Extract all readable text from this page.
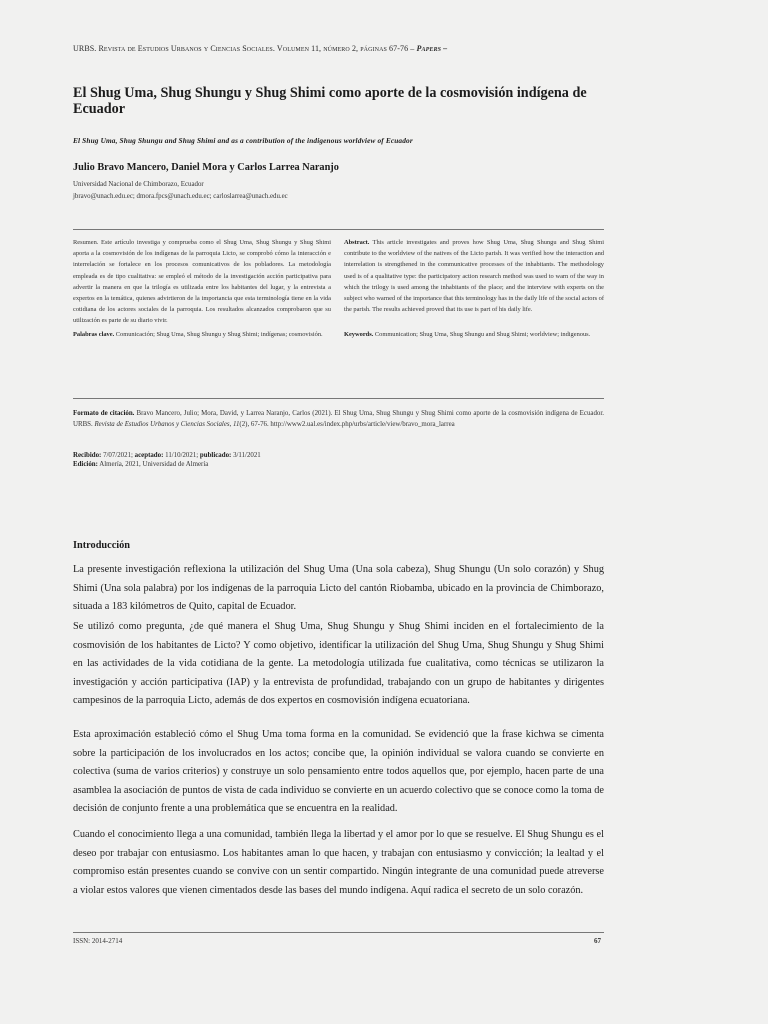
URBS. Revista de Estudios Urbanos y Ciencias Sociales. Volumen 11, número 2, páginas 67-76 – Papers –
El Shug Uma, Shug Shungu y Shug Shimi como aporte de la cosmovisión indígena de Ecuador
El Shug Uma, Shug Shungu and Shug Shimi and as a contribution of the indigenous worldview of Ecuador
Julio Bravo Mancero, Daniel Mora y Carlos Larrea Naranjo
Universidad Nacional de Chimborazo, Ecuador
jbravo@unach.edu.ec; dmora.fpcs@unach.edu.ec; carloslarrea@unach.edu.ec
Resumen. Este artículo investiga y comprueba como el Shug Uma, Shug Shungu y Shug Shimi aporta a la cosmovisión de los indígenas de la parroquia Licto, se comprobó cómo la interacción e interrelación se fortalece en los procesos comunicativos de los pobladores. La metodología empleada es de tipo cualitativa: se empleó el método de la investigación acción participativa para advertir la manera en que la trilogía es utilizada entre los habitantes del lugar, y la entrevista a expertos en la temática, quienes advirtieron de la importancia que esta terminología tiene en la vida cotidiana de los actores sociales de la parroquia. Los resultados alcanzados comprobaron que su utilización es parte de su diario vivir.
Palabras clave. Comunicación; Shug Uma, Shug Shungu y Shug Shimi; indígenas; cosmovisión.
Abstract. This article investigates and proves how Shug Uma, Shug Shungu and Shug Shimi contribute to the worldview of the natives of the Licto parish. It was verified how the interaction and interrelation is strengthened in the communicative processes of the inhabitants. The methodology used is of a qualitative type: the participatory action research method was used to warn of the way in which the trilogy is used among the inhabitants of the place; and the interview with experts on the subject who warned of the importance that this terminology has in the daily life of the social actors of the parish. The results achieved proved that its use is part of his daily life.
Keywords. Communication; Shug Uma, Shug Shungu and Shug Shimi; worldview; indigenous.
Formato de citación. Bravo Mancero, Julio; Mora, David, y Larrea Naranjo, Carlos (2021). El Shug Uma, Shug Shungu y Shug Shimi como aporte de la cosmovisión indígena de Ecuador. URBS. Revista de Estudios Urbanos y Ciencias Sociales, 11(2), 67-76. http://www2.ual.es/index.php/urbs/article/view/bravo_mora_larrea
Recibido: 7/07/2021; aceptado: 11/10/2021; publicado: 3/11/2021
Edición: Almería, 2021, Universidad de Almería
Introducción
La presente investigación reflexiona la utilización del Shug Uma (Una sola cabeza), Shug Shungu (Un solo corazón) y Shug Shimi (Una sola palabra) por los indígenas de la parroquia Licto del cantón Riobamba, ubicado en la provincia de Chimborazo, situada a 183 kilómetros de Quito, capital de Ecuador.
Se utilizó como pregunta, ¿de qué manera el Shug Uma, Shug Shungu y Shug Shimi inciden en el fortalecimiento de la cosmovisión de los habitantes de Licto? Y como objetivo, identificar la utilización del Shug Uma, Shug Shungu y Shug Shimi en las actividades de la vida cotidiana de la gente. La metodología utilizada fue cualitativa, como técnicas se utilizaron la investigación y acción participativa (IAP) y la entrevista de profundidad, trabajando con un grupo de habitantes y dirigentes campesinos de la parroquia Licto, además de dos expertos en cosmovisión indígena ecuatoriana.
Esta aproximación estableció cómo el Shug Uma toma forma en la comunidad. Se evidenció que la frase kichwa se cimenta sobre la participación de los involucrados en los actos; concibe que, la opinión individual se valora cuando se convierte en colectiva (suma de varios criterios) y construye un solo pensamiento entre todos aquellos que, por ejemplo, hacen parte de una asamblea la asociación de puntos de vista de cada individuo se convierte en un acuerdo colectivo que se conoce como la toma de decisión de conjunto frente a una problemática que se encuentra en la realidad.
Cuando el conocimiento llega a una comunidad, también llega la libertad y el amor por lo que se resuelve. El Shug Shungu es el deseo por trabajar con entusiasmo. Los habitantes aman lo que hacen, y trabajan con entusiasmo y convicción; la lealtad y el compromiso están presentes cuando se convive con un sentir compartido. Ningún integrante de una comunidad puede atreverse a violar estos valores que vienen cimentados desde las bases del mundo indígena. Aquí radica el secreto de un solo corazón.
ISSN: 2014-2714	67
